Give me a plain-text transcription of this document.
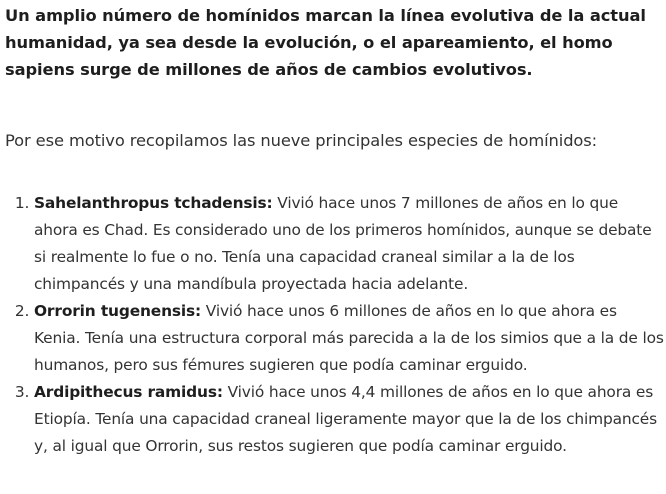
Un amplio número de homínidos marcan la línea evolutiva de la actual humanidad, ya sea desde la evolución, o el apareamiento, el homo sapiens surge de millones de años de cambios evolutivos.

Por ese motivo recopilamos las nueve principales especies de homínidos:

1. Sahelanthropus tchadensis: Vivió hace unos 7 millones de años en lo que ahora es Chad. Es considerado uno de los primeros homínidos, aunque se debate si realmente lo fue o no. Tenía una capacidad craneal similar a la de los chimpancés y una mandíbula proyectada hacia adelante.
2. Orrorin tugenensis: Vivió hace unos 6 millones de años en lo que ahora es Kenia. Tenía una estructura corporal más parecida a la de los simios que a la de los humanos, pero sus fémures sugieren que podía caminar erguido.
3. Ardipithecus ramidus: Vivió hace unos 4,4 millones de años en lo que ahora es Etiopía. Tenía una capacidad craneal ligeramente mayor que la de los chimpancés y, al igual que Orrorin, sus restos sugieren que podía caminar erguido.
